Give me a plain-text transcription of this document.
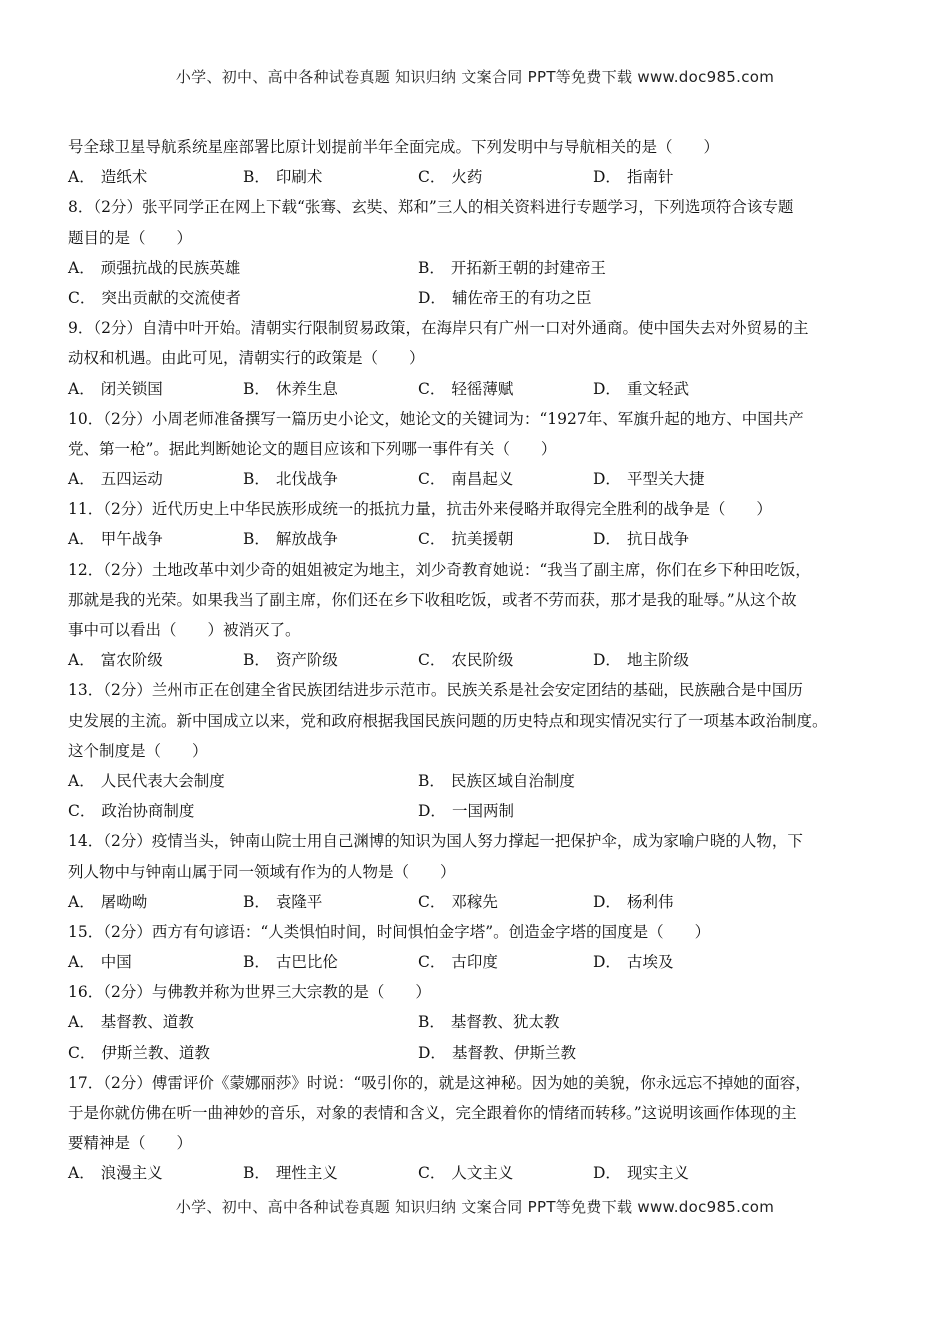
小学、初中、高中各种试卷真题 知识归纳 文案合同 PPT等免费下载 www.doc985.com
号全球卫星导航系统星座部署比原计划提前半年全面完成。下列发明中与导航相关的是（　　）
A． 造纸术	B． 印刷术	C． 火药	D． 指南针
8．（2分）张平同学正在网上下载“张骞、玄奘、郑和”三人的相关资料进行专题学习，下列选项符合该专题
题目的是（　　）
A． 顽强抗战的民族英雄	B． 开拓新王朝的封建帝王
C． 突出贡献的交流使者	D． 辅佐帝王的有功之臣
9．（2分）自清中叶开始。清朝实行限制贸易政策，在海岸只有广州一口对外通商。使中国失去对外贸易的主
动权和机遇。由此可见，清朝实行的政策是（　　）
A． 闭关锁国	B． 休养生息	C． 轻徭薄赋	D． 重文轻武
10．（2分）小周老师准备撰写一篇历史小论文，她论文的关键词为：“1927年、军旗升起的地方、中国共产
党、第一枪”。据此判断她论文的题目应该和下列哪一事件有关（　　）
A． 五四运动	B． 北伐战争	C． 南昌起义	D． 平型关大捷
11．（2分）近代历史上中华民族形成统一的抵抗力量，抗击外来侵略并取得完全胜利的战争是（　　）
A． 甲午战争	B． 解放战争	C． 抗美援朝	D． 抗日战争
12．（2分）土地改革中刘少奇的姐姐被定为地主，刘少奇教育她说：“我当了副主席，你们在乡下种田吃饭，
那就是我的光荣。如果我当了副主席，你们还在乡下收租吃饭，或者不劳而获，那才是我的耻辱。”从这个故
事中可以看出（　　）被消灭了。
A． 富农阶级	B． 资产阶级	C． 农民阶级	D． 地主阶级
13．（2分）兰州市正在创建全省民族团结进步示范市。民族关系是社会安定团结的基础，民族融合是中国历
史发展的主流。新中国成立以来，党和政府根据我国民族问题的历史特点和现实情况实行了一项基本政治制度。
这个制度是（　　）
A． 人民代表大会制度	B． 民族区域自治制度
C． 政治协商制度	D． 一国两制
14．（2分）疫情当头，钟南山院士用自己渊博的知识为国人努力撑起一把保护伞，成为家喻户晓的人物，下
列人物中与钟南山属于同一领域有作为的人物是（　　）
A． 屠呦呦	B． 袁隆平	C． 邓稼先	D． 杨利伟
15．（2分）西方有句谚语：“人类惧怕时间，时间惧怕金字塔”。创造金字塔的国度是（　　）
A． 中国	B． 古巴比伦	C． 古印度	D． 古埃及
16．（2分）与佛教并称为世界三大宗教的是（　　）
A． 基督教、道教	B． 基督教、犹太教
C． 伊斯兰教、道教	D． 基督教、伊斯兰教
17．（2分）傅雷评价《蒙娜丽莎》时说：“吸引你的，就是这神秘。因为她的美貌，你永远忘不掉她的面容，
于是你就仿佛在听一曲神妙的音乐，对象的表情和含义，完全跟着你的情绪而转移。”这说明该画作体现的主
要精神是（　　）
A． 浪漫主义	B． 理性主义	C． 人文主义	D． 现实主义
小学、初中、高中各种试卷真题 知识归纳 文案合同 PPT等免费下载 www.doc985.com
